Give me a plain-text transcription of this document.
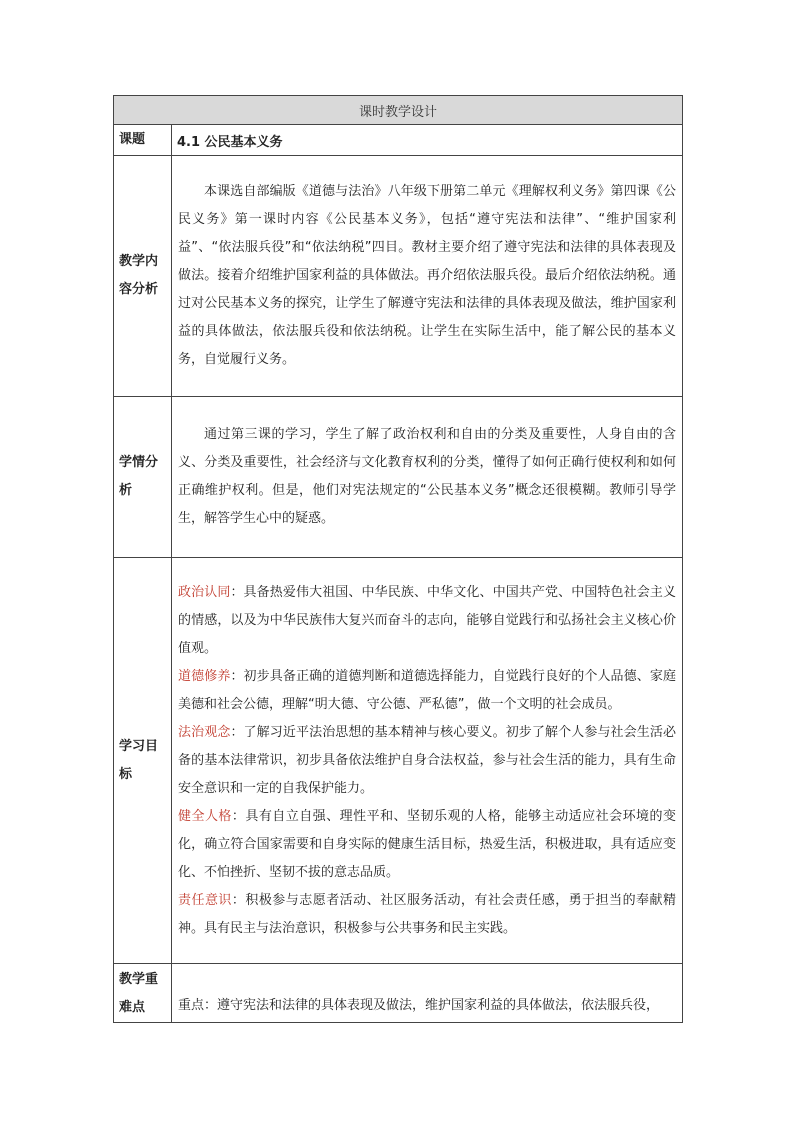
课时教学设计	
课题	4.1 公民基本义务
教学内容分析	本课选自部编版《道德与法治》八年级下册第二单元《理解权利义务》第四课《公民义务》第一课时内容《公民基本义务》，包括“遵守宪法和法律”、“维护国家利益”、“依法服兵役”和“依法纳税”四目。教材主要介绍了遵守宪法和法律的具体表现及做法。接着介绍维护国家利益的具体做法。再介绍依法服兵役。最后介绍依法纳税。通过对公民基本义务的探究，让学生了解遵守宪法和法律的具体表现及做法，维护国家利益的具体做法，依法服兵役和依法纳税。让学生在实际生活中，能了解公民的基本义务，自觉履行义务。

学情分析	通过第三课的学习，学生了解了政治权利和自由的分类及重要性，人身自由的含义、分类及重要性，社会经济与文化教育权利的分类，懂得了如何正确行使权利和如何正确维护权利。但是，他们对宪法规定的“公民基本义务”概念还很模糊。教师引导学生，解答学生心中的疑惑。

学习目标	政治认同：具备热爱伟大祖国、中华民族、中华文化、中国共产党、中国特色社会主义的情感，以及为中华民族伟大复兴而奋斗的志向，能够自觉践行和弘扬社会主义核心价值观。

道德修养：初步具备正确的道德判断和道德选择能力，自觉践行良好的个人品德、家庭美德和社会公德，理解“明大德、守公德、严私德”，做一个文明的社会成员。

法治观念：了解习近平法治思想的基本精神与核心要义。初步了解个人参与社会生活必备的基本法律常识，初步具备依法维护自身合法权益，参与社会生活的能力，具有生命安全意识和一定的自我保护能力。

健全人格：具有自立自强、理性平和、坚韧乐观的人格，能够主动适应社会环境的变化，确立符合国家需要和自身实际的健康生活目标，热爱生活，积极进取，具有适应变化、不怕挫折、坚韧不拔的意志品质。

责任意识：积极参与志愿者活动、社区服务活动，有社会责任感，勇于担当的奉献精神。具有民主与法治意识，积极参与公共事务和民主实践。

教学重难点	重点：遵守宪法和法律的具体表现及做法，维护国家利益的具体做法，依法服兵役，
